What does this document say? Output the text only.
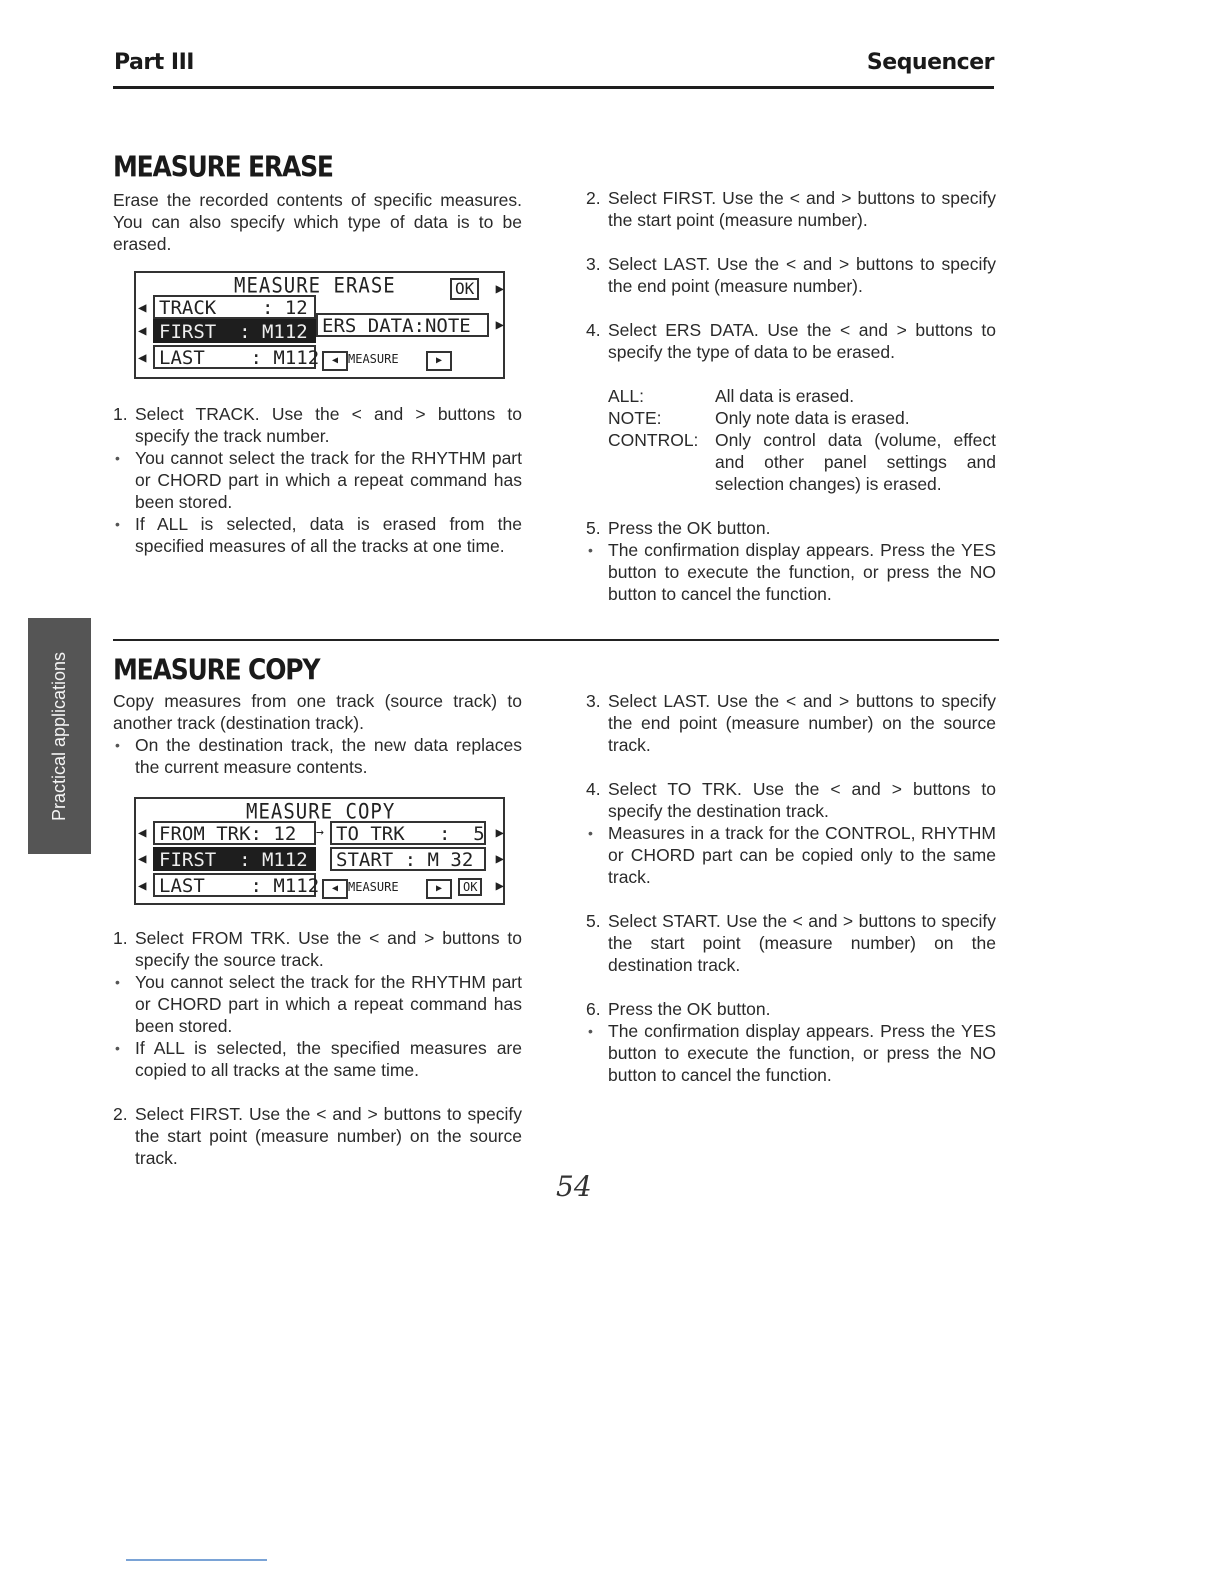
Part III	Sequencer
Practical applications
MEASURE ERASE

Erase the recorded contents of specific measures. You can also specify which type of data is to be erased.

MEASURE ERASE	OK	▶
◀ TRACK    : 12
◀ FIRST  : M112 ERS DATA:NOTE	▶
◀ LAST    : M112	◀ MEASURE	▶
1. Select TRACK. Use the < and > buttons to specify the track number.

• You cannot select the track for the RHYTHM part or CHORD part in which a repeat command has been stored.

• If ALL is selected, data is erased from the specified measures of all the tracks at one time.

2. Select FIRST. Use the < and > buttons to specify the start point (measure number).

3. Select LAST. Use the < and > buttons to specify the end point (measure number).

4. Select ERS DATA. Use the < and > buttons to specify the type of data to be erased.

ALL:	All data is erased.
NOTE:	Only note data is erased.
CONTROL: Only control data (volume, effect and other panel settings and selection changes) is erased.
5. Press the OK button.

• The confirmation display appears. Press the YES button to execute the function, or press the NO button to cancel the function.

MEASURE COPY

Copy measures from one track (source track) to another track (destination track).

• On the destination track, the new data replaces the current measure contents.

MEASURE COPY
◀ FROM TRK: 12	→ TO TRK   :  5 ▶
◀ FIRST  : M112	START : M 32	▶
◀ LAST    : M112	◀ MEASURE	▶	OK	▶
1. Select FROM TRK. Use the < and > buttons to specify the source track.

• You cannot select the track for the RHYTHM part or CHORD part in which a repeat command has been stored.

• If ALL is selected, the specified measures are copied to all tracks at the same time.

2. Select FIRST. Use the < and > buttons to specify the start point (measure number) on the source track.

3. Select LAST. Use the < and > buttons to specify the end point (measure number) on the source track.

4. Select TO TRK. Use the < and > buttons to specify the destination track.

• Measures in a track for the CONTROL, RHYTHM or CHORD part can be copied only to the same track.

5. Select START. Use the < and > buttons to specify the start point (measure number) on the destination track.

6. Press the OK button.

• The confirmation display appears. Press the YES button to execute the function, or press the NO button to cancel the function.

54
